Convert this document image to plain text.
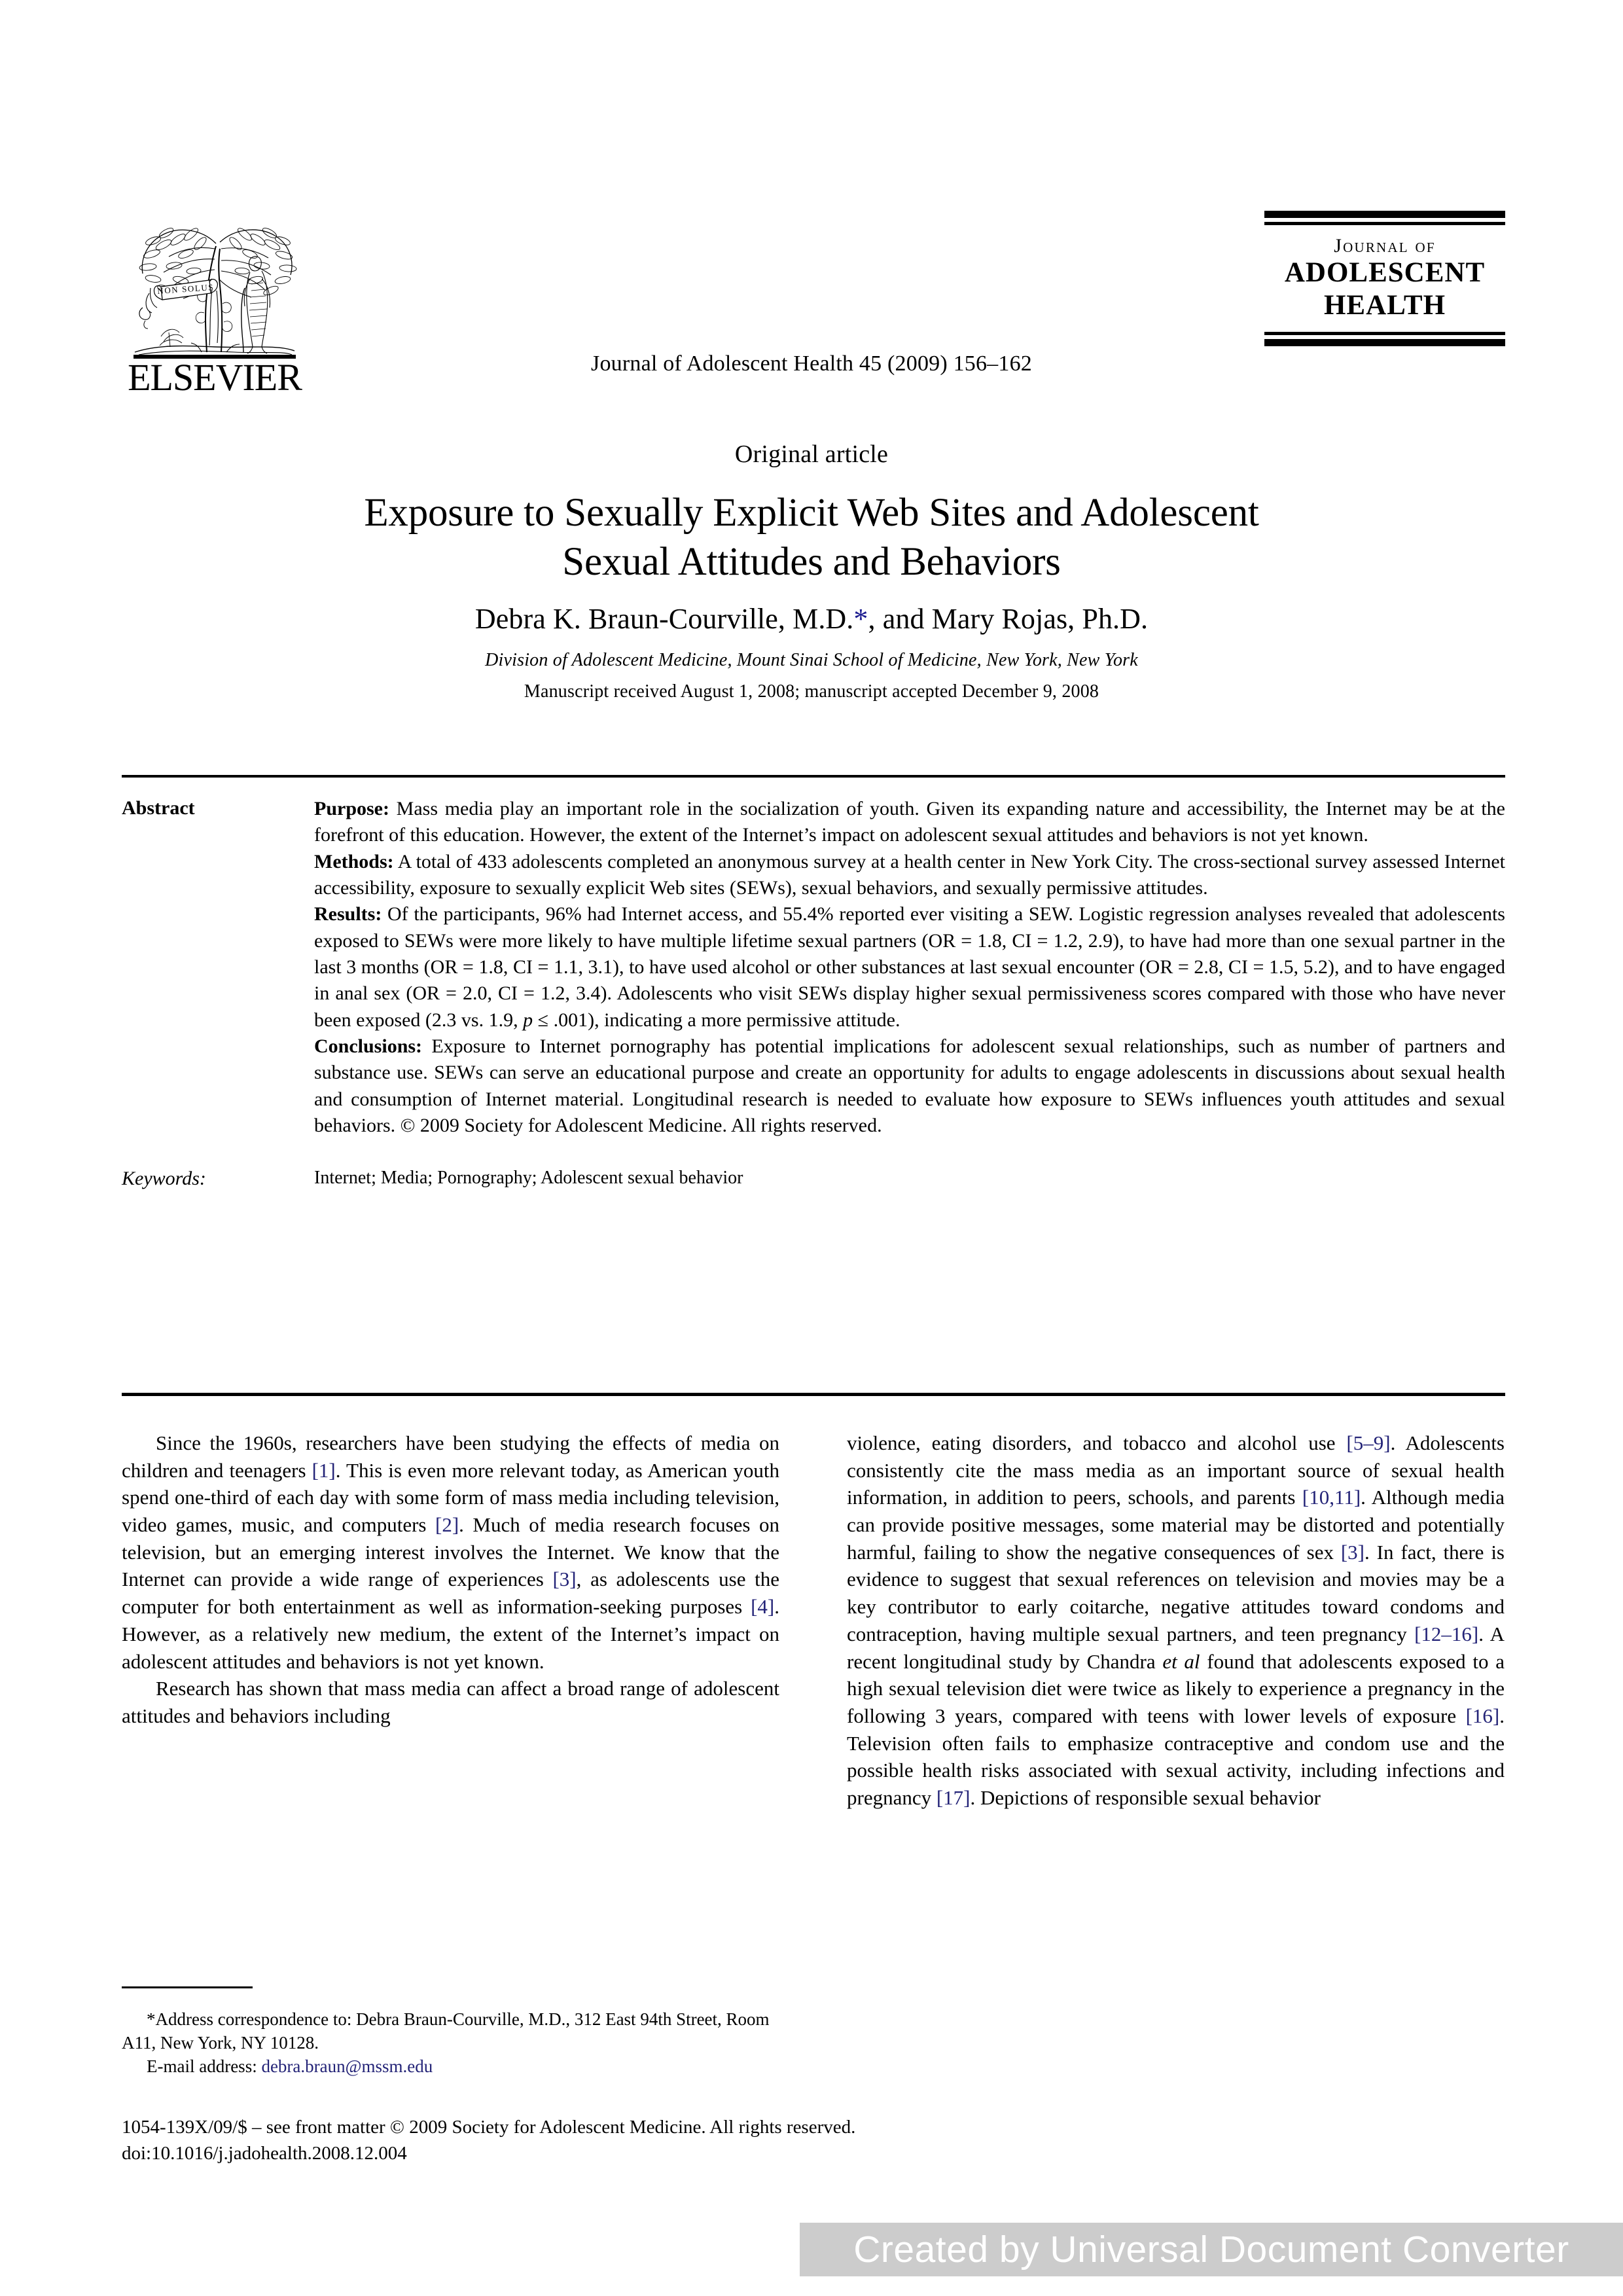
NON SOLUS
ELSEVIER	Journal of Adolescent Health 45 (2009) 156–162
Journal of
ADOLESCENT
HEALTH
Original article
Exposure to Sexually Explicit Web Sites and Adolescent
Sexual Attitudes and Behaviors
Debra K. Braun-Courville, M.D.*, and Mary Rojas, Ph.D.
Division of Adolescent Medicine, Mount Sinai School of Medicine, New York, New York
Manuscript received August 1, 2008; manuscript accepted December 9, 2008
Abstract	Purpose: Mass media play an important role in the socialization of youth. Given its expanding nature and accessibility, the Internet may be at the forefront of this education. However, the extent of the Internet’s impact on adolescent sexual attitudes and behaviors is not yet known.

Methods: A total of 433 adolescents completed an anonymous survey at a health center in New York City. The cross-sectional survey assessed Internet accessibility, exposure to sexually explicit Web sites (SEWs), sexual behaviors, and sexually permissive attitudes.

Results: Of the participants, 96% had Internet access, and 55.4% reported ever visiting a SEW. Logistic regression analyses revealed that adolescents exposed to SEWs were more likely to have multiple lifetime sexual partners (OR = 1.8, CI = 1.2, 2.9), to have had more than one sexual partner in the last 3 months (OR = 1.8, CI = 1.1, 3.1), to have used alcohol or other substances at last sexual encounter (OR = 2.8, CI = 1.5, 5.2), and to have engaged in anal sex (OR = 2.0, CI = 1.2, 3.4). Adolescents who visit SEWs display higher sexual permissiveness scores compared with those who have never been exposed (2.3 vs. 1.9, p ≤ .001), indicating a more permissive attitude.

Conclusions: Exposure to Internet pornography has potential implications for adolescent sexual relationships, such as number of partners and substance use. SEWs can serve an educational purpose and create an opportunity for adults to engage adolescents in discussions about sexual health and consumption of Internet material. Longitudinal research is needed to evaluate how exposure to SEWs influences youth attitudes and sexual behaviors. © 2009 Society for Adolescent Medicine. All rights reserved.

Keywords:	Internet; Media; Pornography; Adolescent sexual behavior

Since the 1960s, researchers have been studying the effects of media on children and teenagers [1]. This is even more relevant today, as American youth spend one-third of each day with some form of mass media including television, video games, music, and computers [2]. Much of media research focuses on television, but an emerging interest involves the Internet. We know that the Internet can provide a wide range of experiences [3], as adolescents use the computer for both entertainment as well as information-seeking purposes [4]. However, as a relatively new medium, the extent of the Internet’s impact on adolescent attitudes and behaviors is not yet known.

Research has shown that mass media can affect a broad range of adolescent attitudes and behaviors including

violence, eating disorders, and tobacco and alcohol use [5–9]. Adolescents consistently cite the mass media as an important source of sexual health information, in addition to peers, schools, and parents [10,11]. Although media can provide positive messages, some material may be distorted and potentially harmful, failing to show the negative consequences of sex [3]. In fact, there is evidence to suggest that sexual references on television and movies may be a key contributor to early coitarche, negative attitudes toward condoms and contraception, having multiple sexual partners, and teen pregnancy [12–16]. A recent longitudinal study by Chandra et al found that adolescents exposed to a high sexual television diet were twice as likely to experience a pregnancy in the following 3 years, compared with teens with lower levels of exposure [16]. Television often fails to emphasize contraceptive and condom use and the possible health risks associated with sexual activity, including infections and pregnancy [17]. Depictions of responsible sexual behavior

*Address correspondence to: Debra Braun-Courville, M.D., 312 East 94th Street, Room A11, New York, NY 10128.

E-mail address: debra.braun@mssm.edu

1054-139X/09/$ – see front matter © 2009 Society for Adolescent Medicine. All rights reserved.
doi:10.1016/j.jadohealth.2008.12.004
Created by Universal Document Converter
